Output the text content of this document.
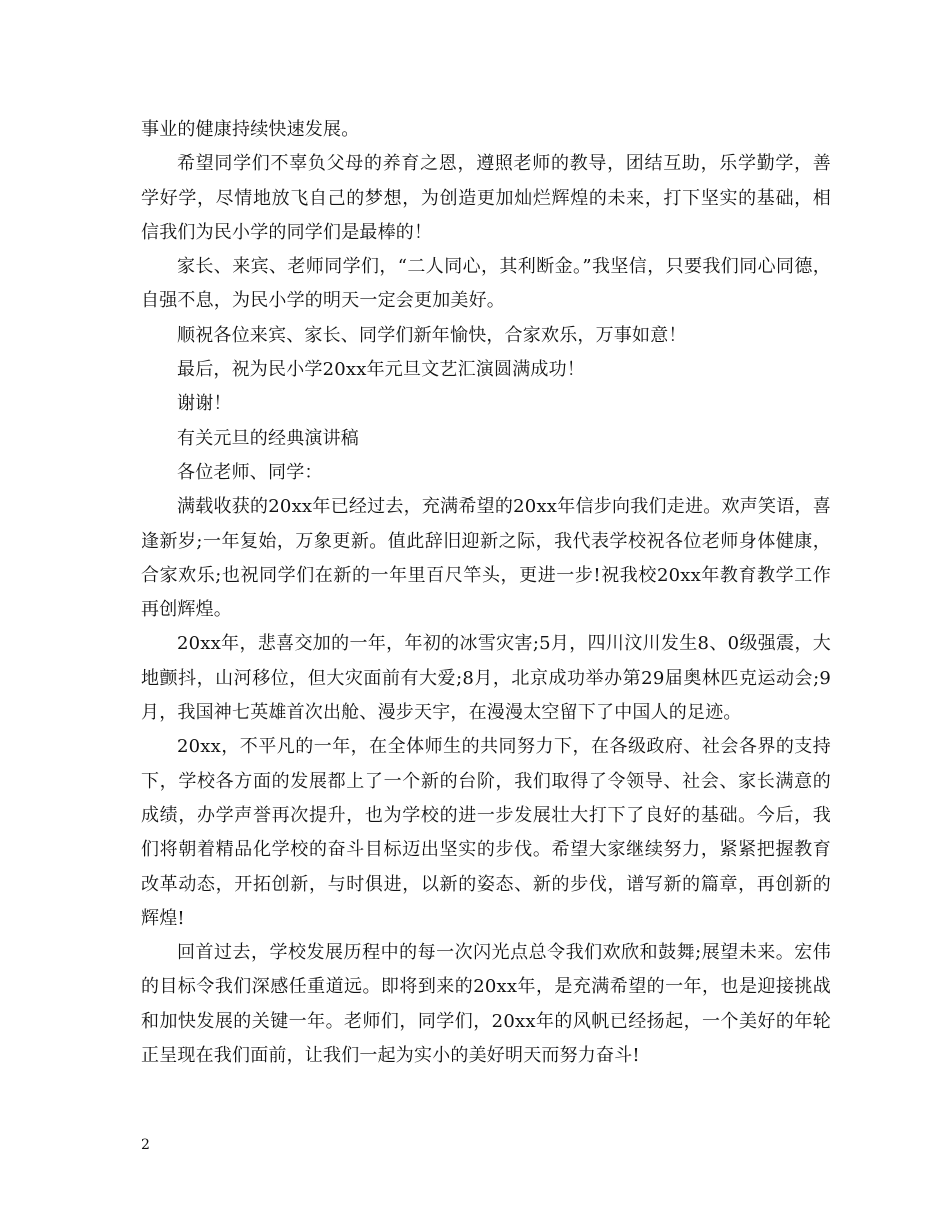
事业的健康持续快速发展。

希望同学们不辜负父母的养育之恩，遵照老师的教导，团结互助，乐学勤学，善学好学，尽情地放飞自己的梦想，为创造更加灿烂辉煌的未来，打下坚实的基础，相信我们为民小学的同学们是最棒的！

家长、来宾、老师同学们，“二人同心，其利断金。”我坚信，只要我们同心同德，自强不息，为民小学的明天一定会更加美好。

顺祝各位来宾、家长、同学们新年愉快，合家欢乐，万事如意！

最后，祝为民小学20xx年元旦文艺汇演圆满成功！

谢谢！

有关元旦的经典演讲稿

各位老师、同学：

满载收获的20xx年已经过去，充满希望的20xx年信步向我们走进。欢声笑语，喜逢新岁;一年复始，万象更新。值此辞旧迎新之际，我代表学校祝各位老师身体健康，合家欢乐;也祝同学们在新的一年里百尺竿头，更进一步!祝我校20xx年教育教学工作再创辉煌。

20xx年，悲喜交加的一年，年初的冰雪灾害;5月，四川汶川发生8、0级强震，大地颤抖，山河移位，但大灾面前有大爱;8月，北京成功举办第29届奥林匹克运动会;9月，我国神七英雄首次出舱、漫步天宇，在漫漫太空留下了中国人的足迹。

20xx，不平凡的一年，在全体师生的共同努力下，在各级政府、社会各界的支持下，学校各方面的发展都上了一个新的台阶，我们取得了令领导、社会、家长满意的成绩，办学声誉再次提升，也为学校的进一步发展壮大打下了良好的基础。今后，我们将朝着精品化学校的奋斗目标迈出坚实的步伐。希望大家继续努力，紧紧把握教育改革动态，开拓创新，与时俱进，以新的姿态、新的步伐，谱写新的篇章，再创新的辉煌!

回首过去，学校发展历程中的每一次闪光点总令我们欢欣和鼓舞;展望未来。宏伟的目标令我们深感任重道远。即将到来的20xx年，是充满希望的一年，也是迎接挑战和加快发展的关键一年。老师们，同学们，20xx年的风帆已经扬起，一个美好的年轮正呈现在我们面前，让我们一起为实小的美好明天而努力奋斗!

2
